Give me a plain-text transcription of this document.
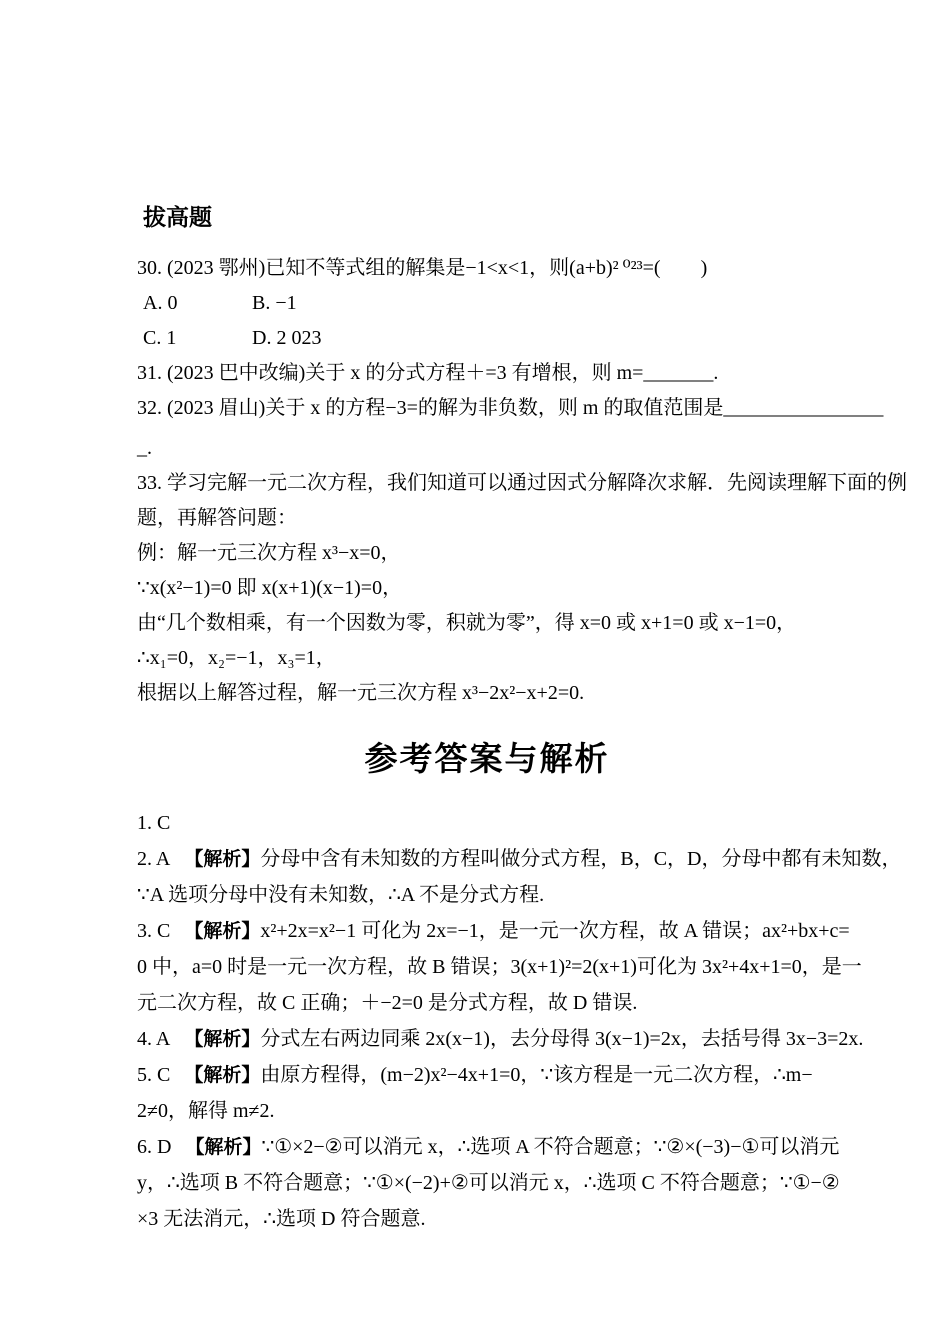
拔高题
30. (2023 鄂州)已知不等式组的解集是−1<x<1，则(a+b)² ⁰²³=(　　)
A. 0	B. −1
C. 1	D. 2 023
31. (2023 巴中改编)关于 x 的分式方程＋=3 有增根，则 m=_______.
32. (2023 眉山)关于 x 的方程−3=的解为非负数，则 m 的取值范围是________________
_.
33. 学习完解一元二次方程，我们知道可以通过因式分解降次求解．先阅读理解下面的例
题，再解答问题：
例：解一元三次方程 x³−x=0，
∵x(x²−1)=0 即 x(x+1)(x−1)=0，
由“几个数相乘，有一个因数为零，积就为零”，得 x=0 或 x+1=0 或 x−1=0，
∴x₁=0，x₂=−1，x₃=1，
根据以上解答过程，解一元三次方程 x³−2x²−x+2=0.
参考答案与解析
1. C
2. A 【解析】分母中含有未知数的方程叫做分式方程，B，C，D，分母中都有未知数，
∵A 选项分母中没有未知数，∴A 不是分式方程.
3. C 【解析】x²+2x=x²−1 可化为 2x=−1，是一元一次方程，故 A 错误；ax²+bx+c=
0 中，a=0 时是一元一次方程，故 B 错误；3(x+1)²=2(x+1)可化为 3x²+4x+1=0，是一
元二次方程，故 C 正确；＋−2=0 是分式方程，故 D 错误.
4. A 【解析】分式左右两边同乘 2x(x−1)，去分母得 3(x−1)=2x，去括号得 3x−3=2x.
5. C 【解析】由原方程得，(m−2)x²−4x+1=0，∵该方程是一元二次方程，∴m−
2≠0，解得 m≠2.
6. D 【解析】∵①×2−②可以消元 x，∴选项 A 不符合题意；∵②×(−3)−①可以消元
y，∴选项 B 不符合题意；∵①×(−2)+②可以消元 x，∴选项 C 不符合题意；∵①−②
×3 无法消元，∴选项 D 符合题意.
